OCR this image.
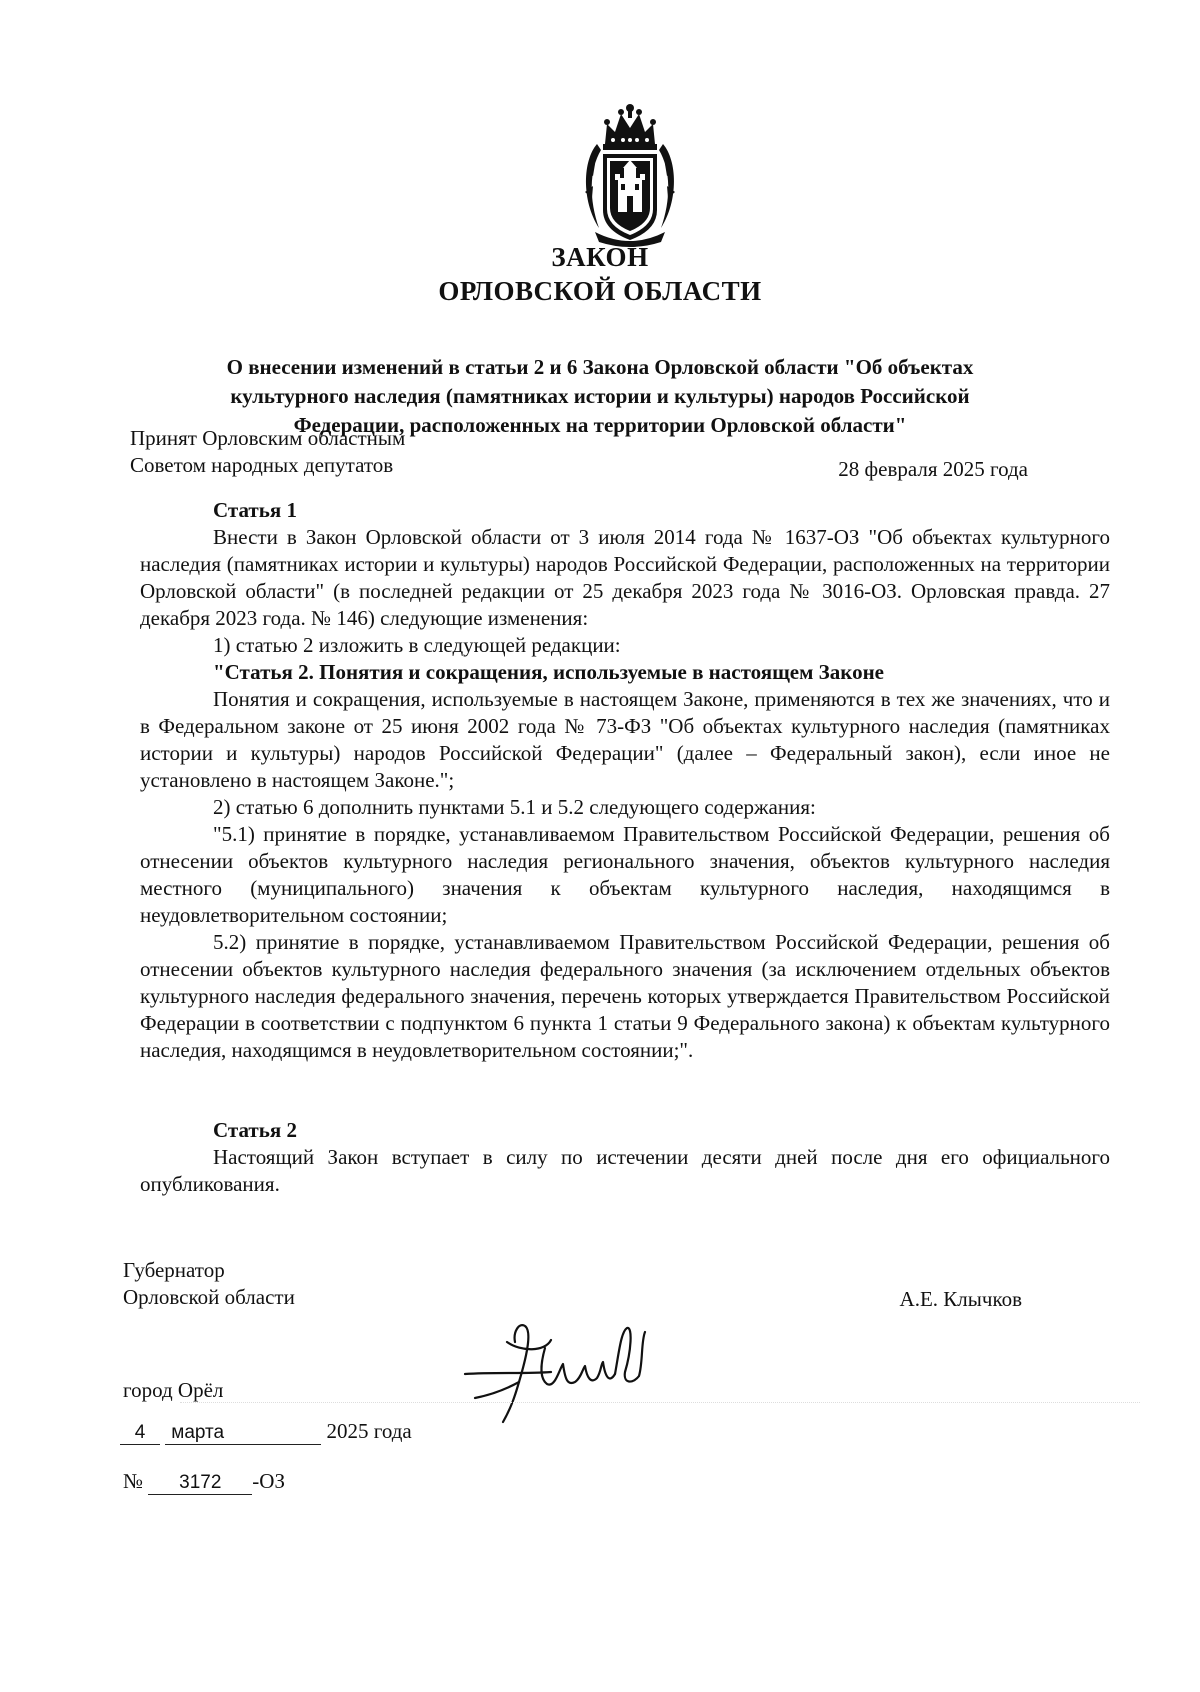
ЗАКОН
ОРЛОВСКОЙ ОБЛАСТИ
О внесении изменений в статьи 2 и 6 Закона Орловской области "Об объектах
культурного наследия (памятниках истории и культуры) народов Российской
Федерации, расположенных на территории Орловской области"
Принят Орловским областным
Советом народных депутатов	28 февраля 2025 года

Статья 1

Внести в Закон Орловской области от 3 июля 2014 года № 1637-ОЗ "Об объектах культурного наследия (памятниках истории и культуры) народов Российской Федерации, расположенных на территории Орловской области" (в последней редакции от 25 декабря 2023 года № 3016-ОЗ. Орловская правда. 27 декабря 2023 года. № 146) следующие изменения:

1) статью 2 изложить в следующей редакции:

"Статья 2. Понятия и сокращения, используемые в настоящем Законе

Понятия и сокращения, используемые в настоящем Законе, применяются в тех же значениях, что и в Федеральном законе от 25 июня 2002 года № 73-ФЗ "Об объектах культурного наследия (памятниках истории и культуры) народов Российской Федерации" (далее – Федеральный закон), если иное не установлено в настоящем Законе.";

2) статью 6 дополнить пунктами 5.1 и 5.2 следующего содержания:

"5.1) принятие в порядке, устанавливаемом Правительством Российской Федерации, решения об отнесении объектов культурного наследия регионального значения, объектов культурного наследия местного (муниципального) значения к объектам культурного наследия, находящимся в неудовлетворительном состоянии;

5.2) принятие в порядке, устанавливаемом Правительством Российской Федерации, решения об отнесении объектов культурного наследия федерального значения (за исключением отдельных объектов культурного наследия федерального значения, перечень которых утверждается Правительством Российской Федерации в соответствии с подпунктом 6 пункта 1 статьи 9 Федерального закона) к объектам культурного наследия, находящимся в неудовлетворительном состоянии;".

Статья 2

Настоящий Закон вступает в силу по истечении десяти дней после дня его официального опубликования.

Губернатор
Орловской области	А.Е. Клычков
город Орёл
4 марта	2025 года
№ 3172 -ОЗ
